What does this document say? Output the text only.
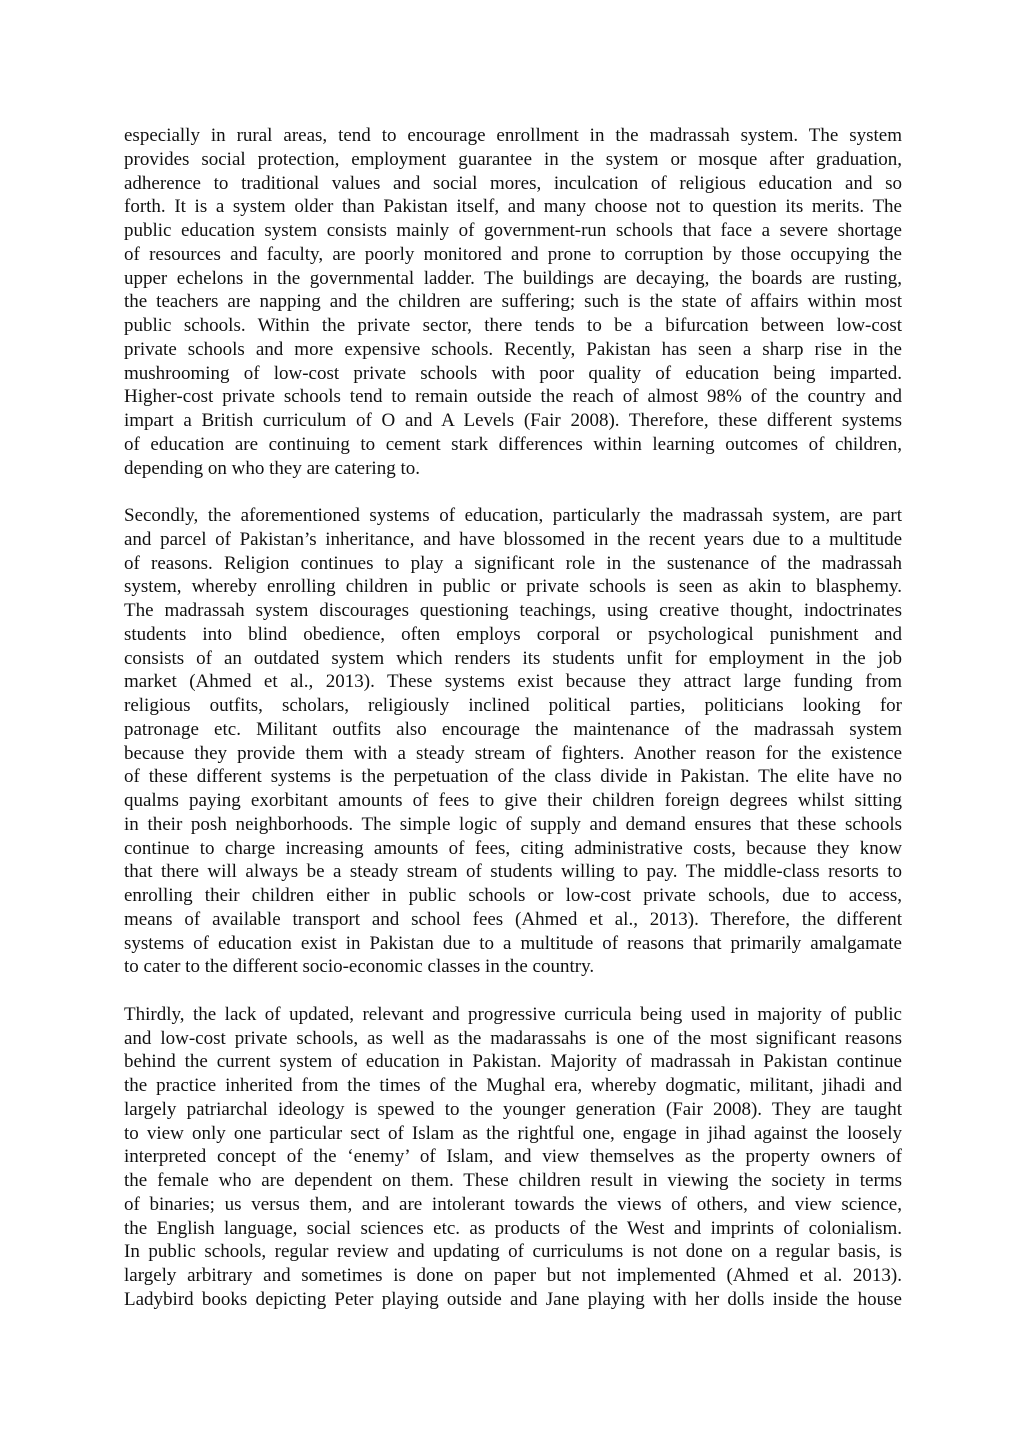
especially in rural areas, tend to encourage enrollment in the madrassah system. The system
provides social protection, employment guarantee in the system or mosque after graduation,
adherence to traditional values and social mores, inculcation of religious education and so
forth. It is a system older than Pakistan itself, and many choose not to question its merits. The
public education system consists mainly of government-run schools that face a severe shortage
of resources and faculty, are poorly monitored and prone to corruption by those occupying the
upper echelons in the governmental ladder. The buildings are decaying, the boards are rusting,
the teachers are napping and the children are suffering; such is the state of affairs within most
public schools. Within the private sector, there tends to be a bifurcation between low-cost
private schools and more expensive schools. Recently, Pakistan has seen a sharp rise in the
mushrooming of low-cost private schools with poor quality of education being imparted.
Higher-cost private schools tend to remain outside the reach of almost 98% of the country and
impart a British curriculum of O and A Levels (Fair 2008). Therefore, these different systems
of education are continuing to cement stark differences within learning outcomes of children,
depending on who they are catering to.
Secondly, the aforementioned systems of education, particularly the madrassah system, are part
and parcel of Pakistan’s inheritance, and have blossomed in the recent years due to a multitude
of reasons. Religion continues to play a significant role in the sustenance of the madrassah
system, whereby enrolling children in public or private schools is seen as akin to blasphemy.
The madrassah system discourages questioning teachings, using creative thought, indoctrinates
students into blind obedience, often employs corporal or psychological punishment and
consists of an outdated system which renders its students unfit for employment in the job
market (Ahmed et al., 2013). These systems exist because they attract large funding from
religious outfits, scholars, religiously inclined political parties, politicians looking for
patronage etc. Militant outfits also encourage the maintenance of the madrassah system
because they provide them with a steady stream of fighters. Another reason for the existence
of these different systems is the perpetuation of the class divide in Pakistan. The elite have no
qualms paying exorbitant amounts of fees to give their children foreign degrees whilst sitting
in their posh neighborhoods. The simple logic of supply and demand ensures that these schools
continue to charge increasing amounts of fees, citing administrative costs, because they know
that there will always be a steady stream of students willing to pay. The middle-class resorts to
enrolling their children either in public schools or low-cost private schools, due to access,
means of available transport and school fees (Ahmed et al., 2013). Therefore, the different
systems of education exist in Pakistan due to a multitude of reasons that primarily amalgamate
to cater to the different socio-economic classes in the country.
Thirdly, the lack of updated, relevant and progressive curricula being used in majority of public
and low-cost private schools, as well as the madarassahs is one of the most significant reasons
behind the current system of education in Pakistan. Majority of madrassah in Pakistan continue
the practice inherited from the times of the Mughal era, whereby dogmatic, militant, jihadi and
largely patriarchal ideology is spewed to the younger generation (Fair 2008). They are taught
to view only one particular sect of Islam as the rightful one, engage in jihad against the loosely
interpreted concept of the ‘enemy’ of Islam, and view themselves as the property owners of
the female who are dependent on them. These children result in viewing the society in terms
of binaries; us versus them, and are intolerant towards the views of others, and view science,
the English language, social sciences etc. as products of the West and imprints of colonialism.
In public schools, regular review and updating of curriculums is not done on a regular basis, is
largely arbitrary and sometimes is done on paper but not implemented (Ahmed et al. 2013).
Ladybird books depicting Peter playing outside and Jane playing with her dolls inside the house
